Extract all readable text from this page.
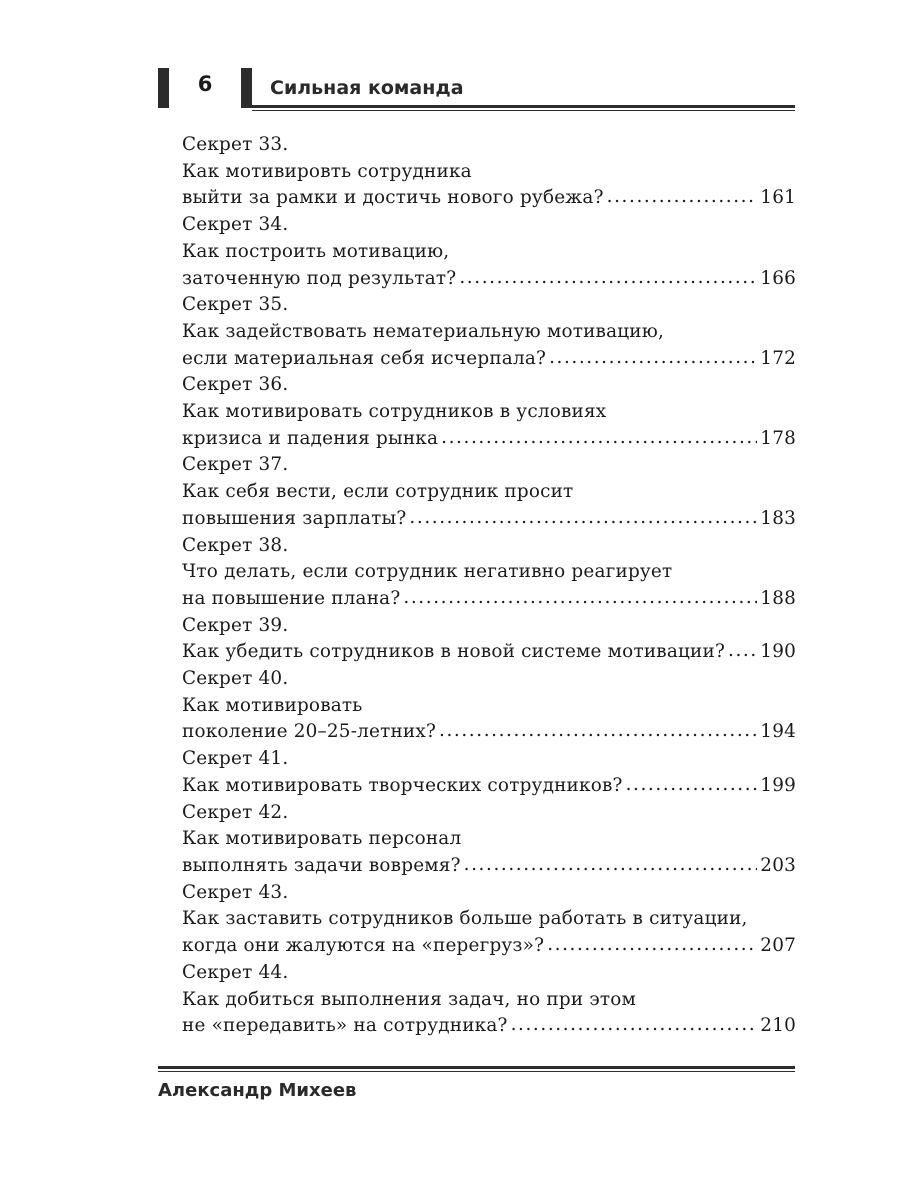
6	Сильная команда
Секрет 33.
Как мотивировть сотрудника
выйти за рамки и достичь нового рубежа? .....	161
Секрет 34.
Как построить мотивацию,
заточенную под результат? .....	166
Секрет 35.
Как задействовать нематериальную мотивацию,
если материальная себя исчерпала? .....	172
Секрет 36.
Как мотивировать сотрудников в условиях
кризиса и падения рынка .....	178
Секрет 37.
Как себя вести, если сотрудник просит
повышения зарплаты? .....	183
Секрет 38.
Что делать, если сотрудник негативно реагирует
на повышение плана? .....	188
Секрет 39.
Как убедить сотрудников в новой системе мотивации? ..... 190
Секрет 40.
Как мотивировать
поколение 20–25-летних? .....	194
Секрет 41.
Как мотивировать творческих сотрудников? .....	199
Секрет 42.
Как мотивировать персонал
выполнять задачи вовремя? .....	203
Секрет 43.
Как заставить сотрудников больше работать в ситуации,
когда они жалуются на «перегруз»? .....	207
Секрет 44.
Как добиться выполнения задач, но при этом
не «передавить» на сотрудника? .....	210
Александр Михеев
